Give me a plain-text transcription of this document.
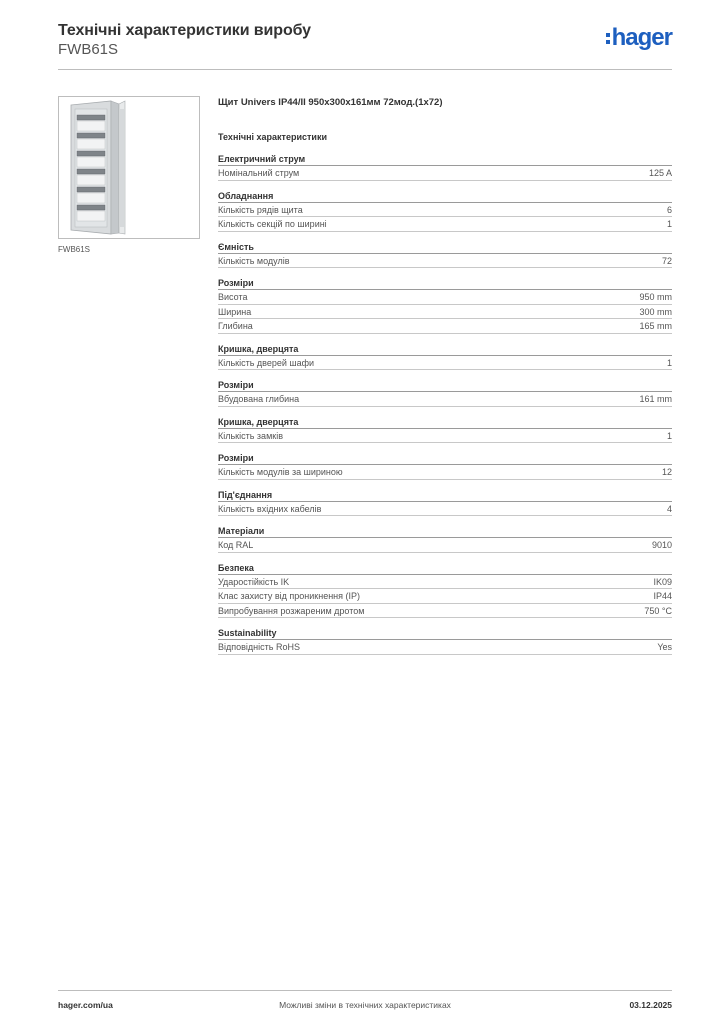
Технічні характеристики виробу
FWB61S	hager
FWB61S
Щит Univers IP44/II 950x300x161мм 72мод.(1x72)
Технічні характеристики
Електричний струм
Номінальний струм	125 A
Обладнання
Кількість рядів щита	6
Кількість секцій по ширині	1
Ємність
Кількість модулів	72
Розміри
Висота	950 mm
Ширина	300 mm
Глибина	165 mm
Кришка, дверцята
Кількість дверей шафи	1
Розміри
Вбудована глибина	161 mm
Кришка, дверцята
Кількість замків	1
Розміри
Кількість модулів за шириною	12
Під'єднання
Кількість вхідних кабелів	4
Матеріали
Код RAL	9010
Безпека
Ударостійкість IK	IK09
Клас захисту від проникнення (IP)	IP44
Випробування розжареним дротом	750 °C
Sustainability
Відповідність RoHS	Yes
hager.com/ua	Можливі зміни в технічних характеристиках	03.12.2025
